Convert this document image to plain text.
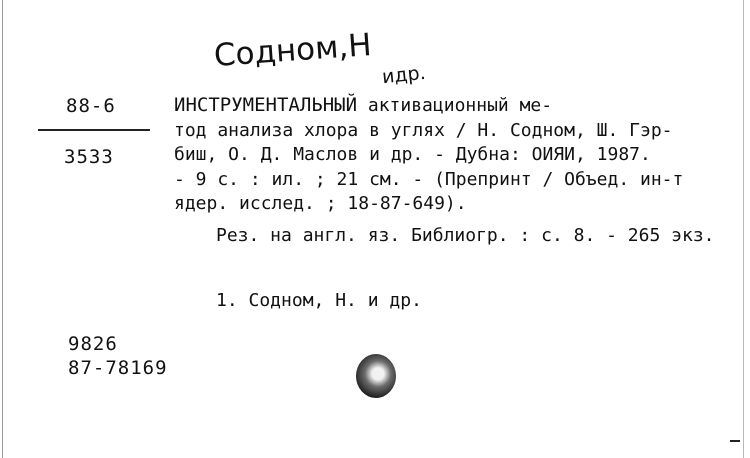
Содном,Н
идр.
88-6
3533
ИНСТРУМЕНТАЛЬНЫЙ активационный ме-
тод анализа хлора в углях / Н. Содном, Ш. Гэр-
биш, О. Д. Маслов и др. - Дубна: ОИЯИ, 1987.
- 9 с. : ил. ; 21 см. - (Препринт / Объед. ин-т
ядер. исслед. ; 18-87-649).
Рез. на англ. яз. Библиогр. : с. 8. - 265 экз.
1. Содном, Н. и др.
9826
87-78169
